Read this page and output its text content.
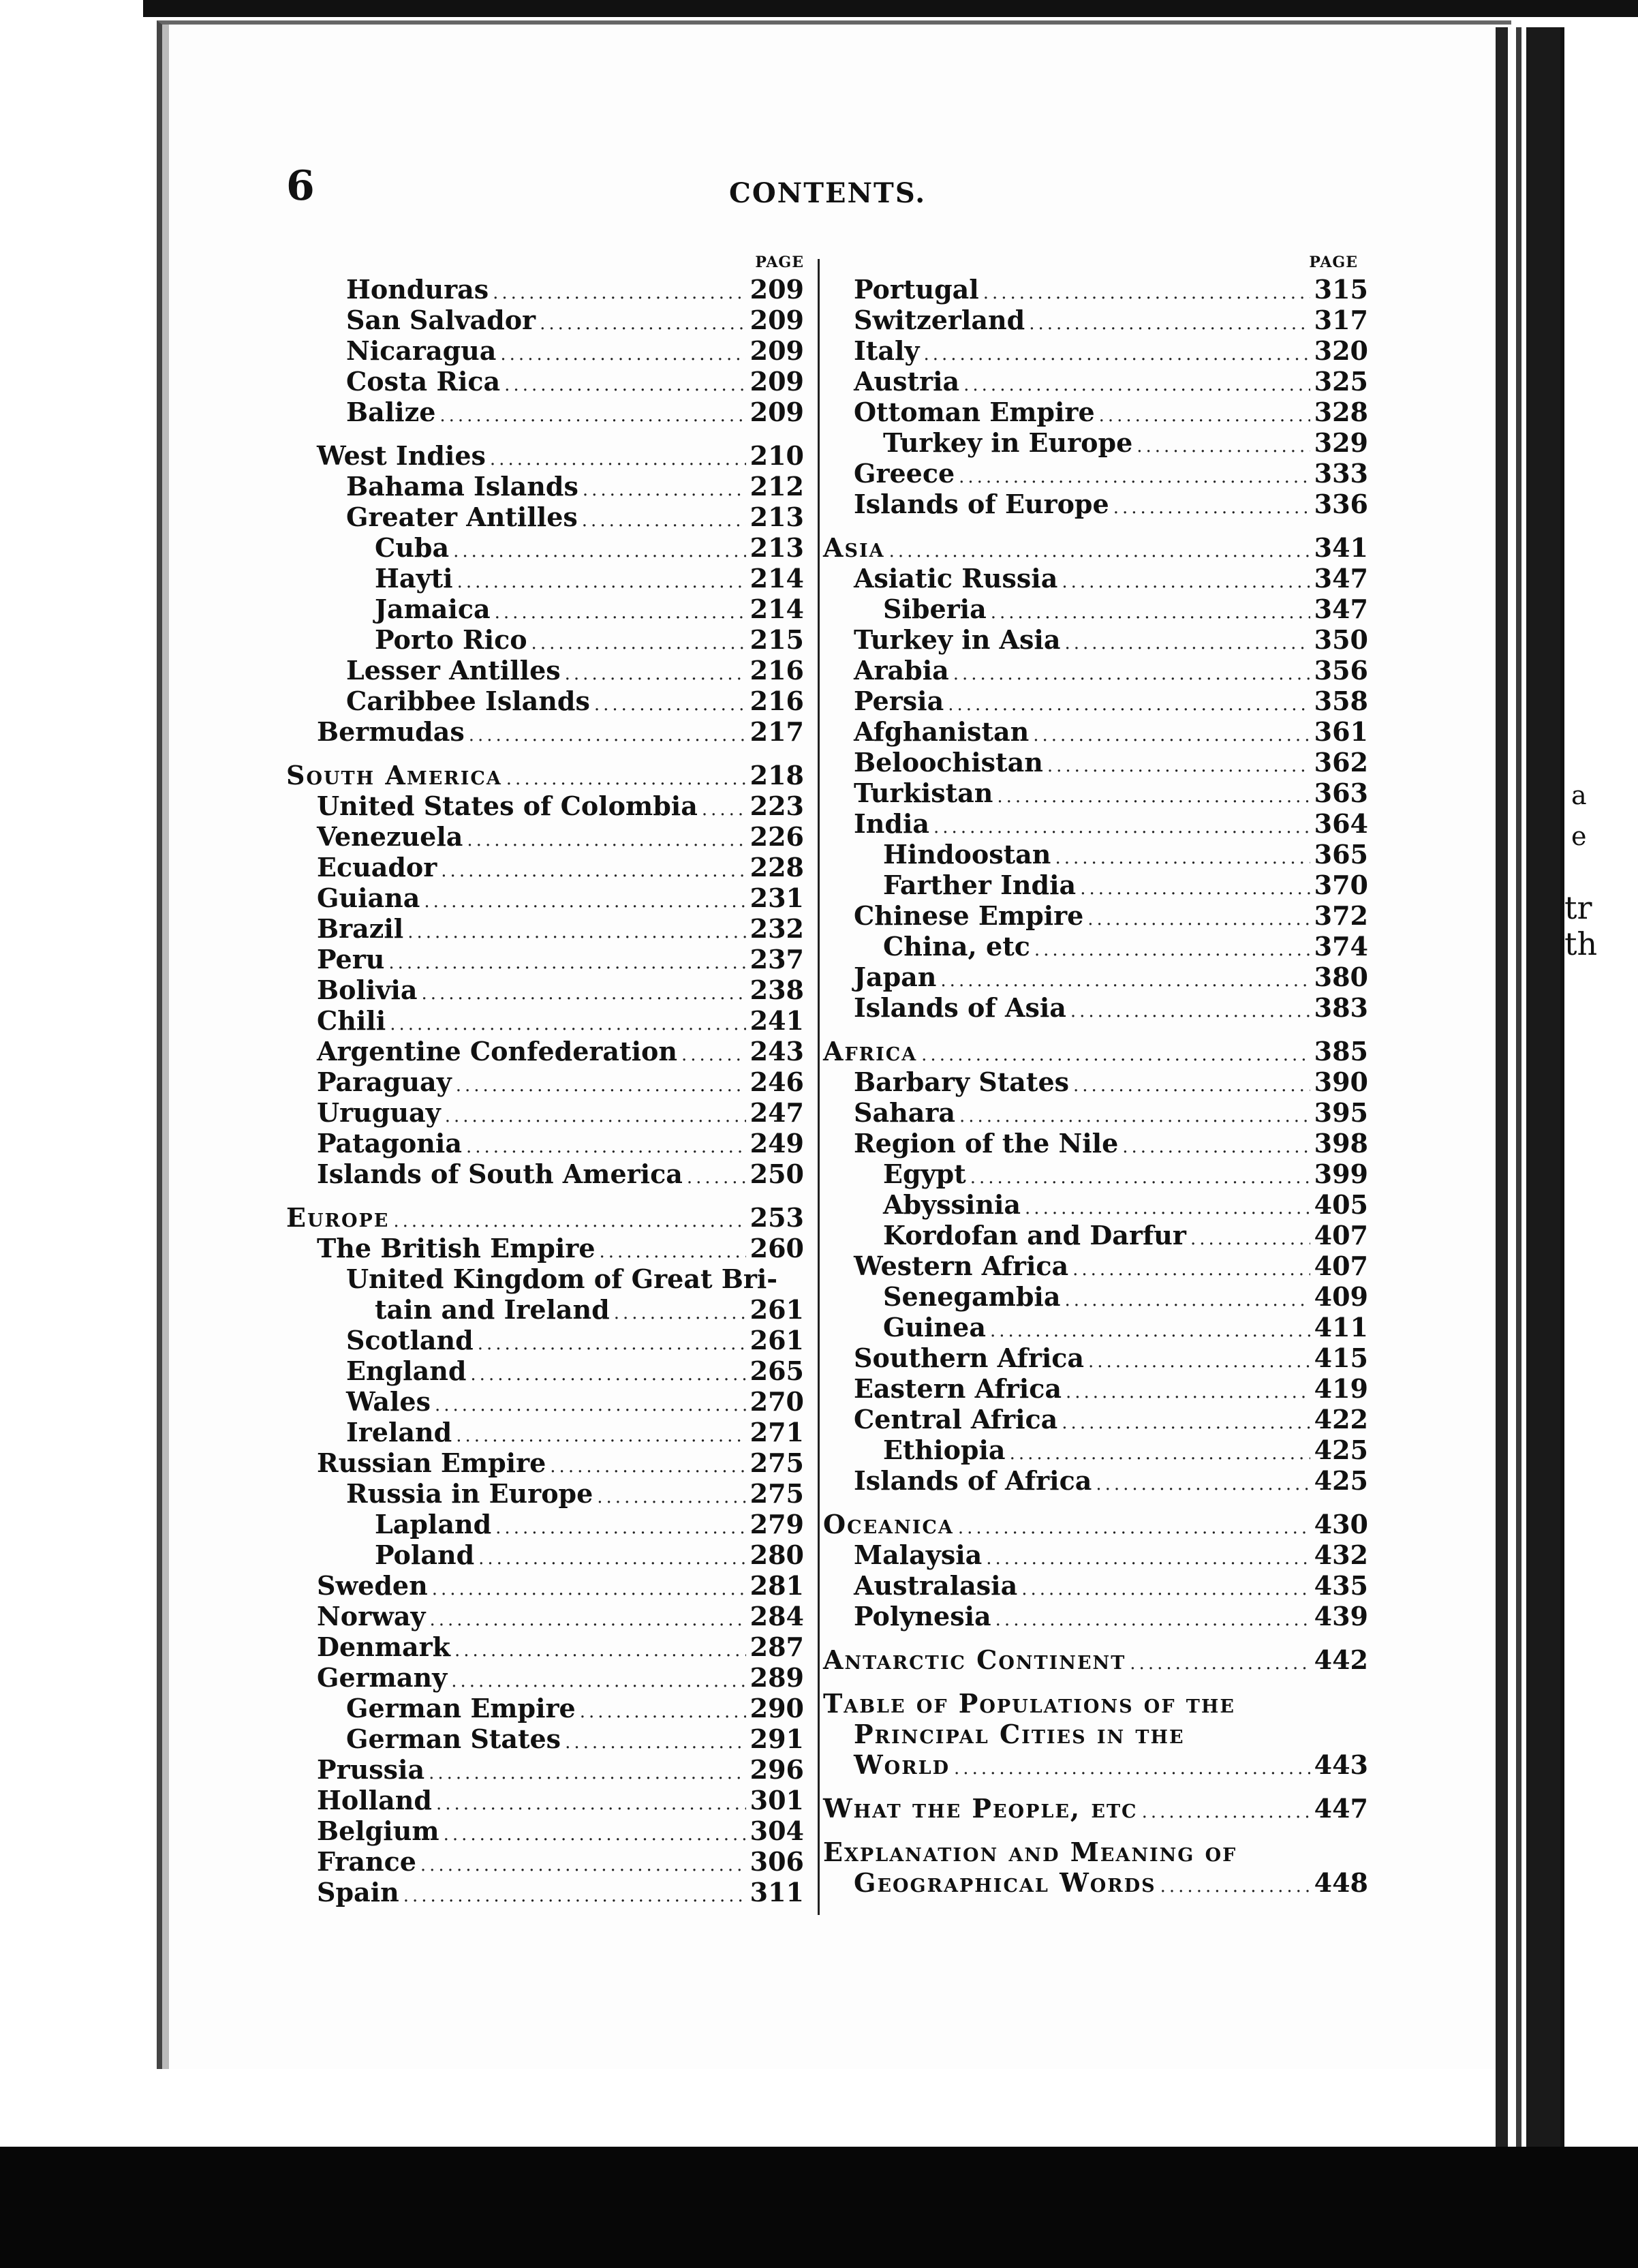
a
e
tr
th
6	CONTENTS.
PAGE
Honduras .....	209
San Salvador .....	209
Nicaragua .....	209
Costa Rica .....	209
Balize .....	209
West Indies .....	210
Bahama Islands .....	212
Greater Antilles .....	213
Cuba .....	213
Hayti .....	214
Jamaica .....	214
Porto Rico .....	215
Lesser Antilles .....	216
Caribbee Islands .....	216
Bermudas .....	217
South America .....	218
United States of Colombia ..... 223
Venezuela .....	226
Ecuador .....	228
Guiana .....	231
Brazil .....	232
Peru .....	237
Bolivia .....	238
Chili .....	241
Argentine Confederation .....	243
Paraguay .....	246
Uruguay .....	247
Patagonia .....	249
Islands of South America .....	250
Europe .....	253
The British Empire .....	260
United Kingdom of Great Bri-
tain and Ireland .....	261
Scotland .....	261
England .....	265
Wales .....	270
Ireland .....	271
Russian Empire .....	275
Russia in Europe .....	275
Lapland .....	279
Poland .....	280
Sweden .....	281
Norway .....	284
Denmark .....	287
Germany .....	289
German Empire .....	290
German States .....	291
Prussia .....	296
Holland .....	301
Belgium .....	304
France .....	306
Spain .....	311
PAGE
Portugal .....	315
Switzerland .....	317
Italy .....	320
Austria .....	325
Ottoman Empire .....	328
Turkey in Europe .....	329
Greece .....	333
Islands of Europe .....	336
Asia .....	341
Asiatic Russia .....	347
Siberia .....	347
Turkey in Asia .....	350
Arabia .....	356
Persia .....	358
Afghanistan .....	361
Beloochistan .....	362
Turkistan .....	363
India .....	364
Hindoostan .....	365
Farther India .....	370
Chinese Empire .....	372
China, etc .....	374
Japan .....	380
Islands of Asia .....	383
Africa .....	385
Barbary States .....	390
Sahara .....	395
Region of the Nile .....	398
Egypt .....	399
Abyssinia .....	405
Kordofan and Darfur .....	407
Western Africa .....	407
Senegambia .....	409
Guinea .....	411
Southern Africa .....	415
Eastern Africa .....	419
Central Africa .....	422
Ethiopia .....	425
Islands of Africa .....	425
Oceanica .....	430
Malaysia .....	432
Australasia .....	435
Polynesia .....	439
Antarctic Continent .....	442
Table of Populations of the
Principal Cities in the
World .....	443
What the People, etc .....	447
Explanation and Meaning of
Geographical Words .....	448
